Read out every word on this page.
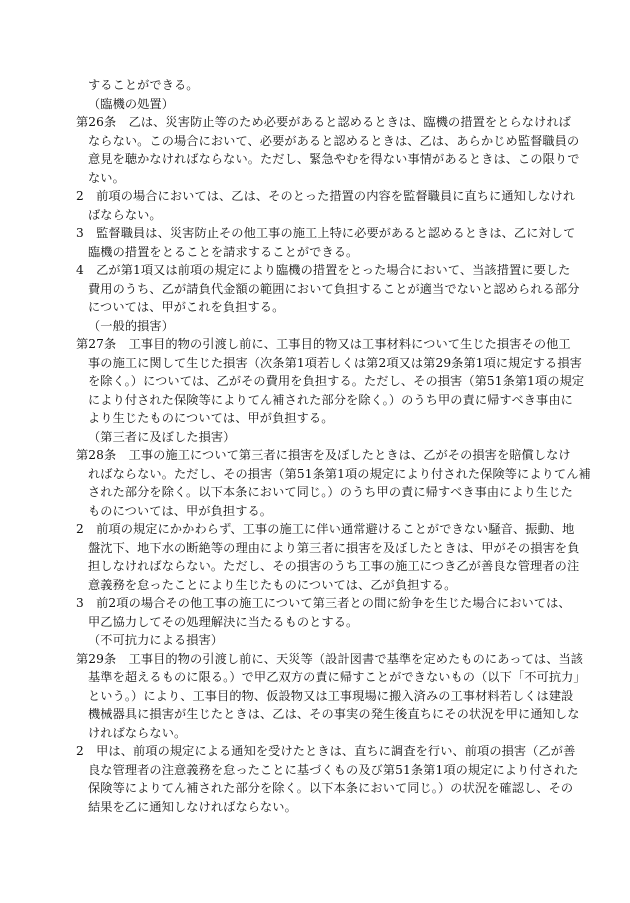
することができる。

（臨機の処置）

第26条　乙は、災害防止等のため必要があると認めるときは、臨機の措置をとらなければ

ならない。この場合において、必要があると認めるときは、乙は、あらかじめ監督職員の

意見を聴かなければならない。ただし、緊急やむを得ない事情があるときは、この限りで

ない。

2　前項の場合においては、乙は、そのとった措置の内容を監督職員に直ちに通知しなけれ

ばならない。

3　監督職員は、災害防止その他工事の施工上特に必要があると認めるときは、乙に対して

臨機の措置をとることを請求することができる。

4　乙が第1項又は前項の規定により臨機の措置をとった場合において、当該措置に要した

費用のうち、乙が請負代金額の範囲において負担することが適当でないと認められる部分

については、甲がこれを負担する。

（一般的損害）

第27条　工事目的物の引渡し前に、工事目的物又は工事材料について生じた損害その他工

事の施工に関して生じた損害（次条第1項若しくは第2項又は第29条第1項に規定する損害

を除く。）については、乙がその費用を負担する。ただし、その損害（第51条第1項の規定

により付された保険等によりてん補された部分を除く。）のうち甲の責に帰すべき事由に

より生じたものについては、甲が負担する。

（第三者に及ぼした損害）

第28条　工事の施工について第三者に損害を及ぼしたときは、乙がその損害を賠償しなけ

ればならない。ただし、その損害（第51条第1項の規定により付された保険等によりてん補

された部分を除く。以下本条において同じ。）のうち甲の責に帰すべき事由により生じた

ものについては、甲が負担する。

2　前項の規定にかかわらず、工事の施工に伴い通常避けることができない騒音、振動、地

盤沈下、地下水の断絶等の理由により第三者に損害を及ぼしたときは、甲がその損害を負

担しなければならない。ただし、その損害のうち工事の施工につき乙が善良な管理者の注

意義務を怠ったことにより生じたものについては、乙が負担する。

3　前2項の場合その他工事の施工について第三者との間に紛争を生じた場合においては、

甲乙協力してその処理解決に当たるものとする。

（不可抗力による損害）

第29条　工事目的物の引渡し前に、天災等（設計図書で基準を定めたものにあっては、当該

基準を超えるものに限る。）で甲乙双方の責に帰すことができないもの（以下「不可抗力」

という。）により、工事目的物、仮設物又は工事現場に搬入済みの工事材料若しくは建設

機械器具に損害が生じたときは、乙は、その事実の発生後直ちにその状況を甲に通知しな

ければならない。

2　甲は、前項の規定による通知を受けたときは、直ちに調査を行い、前項の損害（乙が善

良な管理者の注意義務を怠ったことに基づくもの及び第51条第1項の規定により付された

保険等によりてん補された部分を除く。以下本条において同じ。）の状況を確認し、その

結果を乙に通知しなければならない。
